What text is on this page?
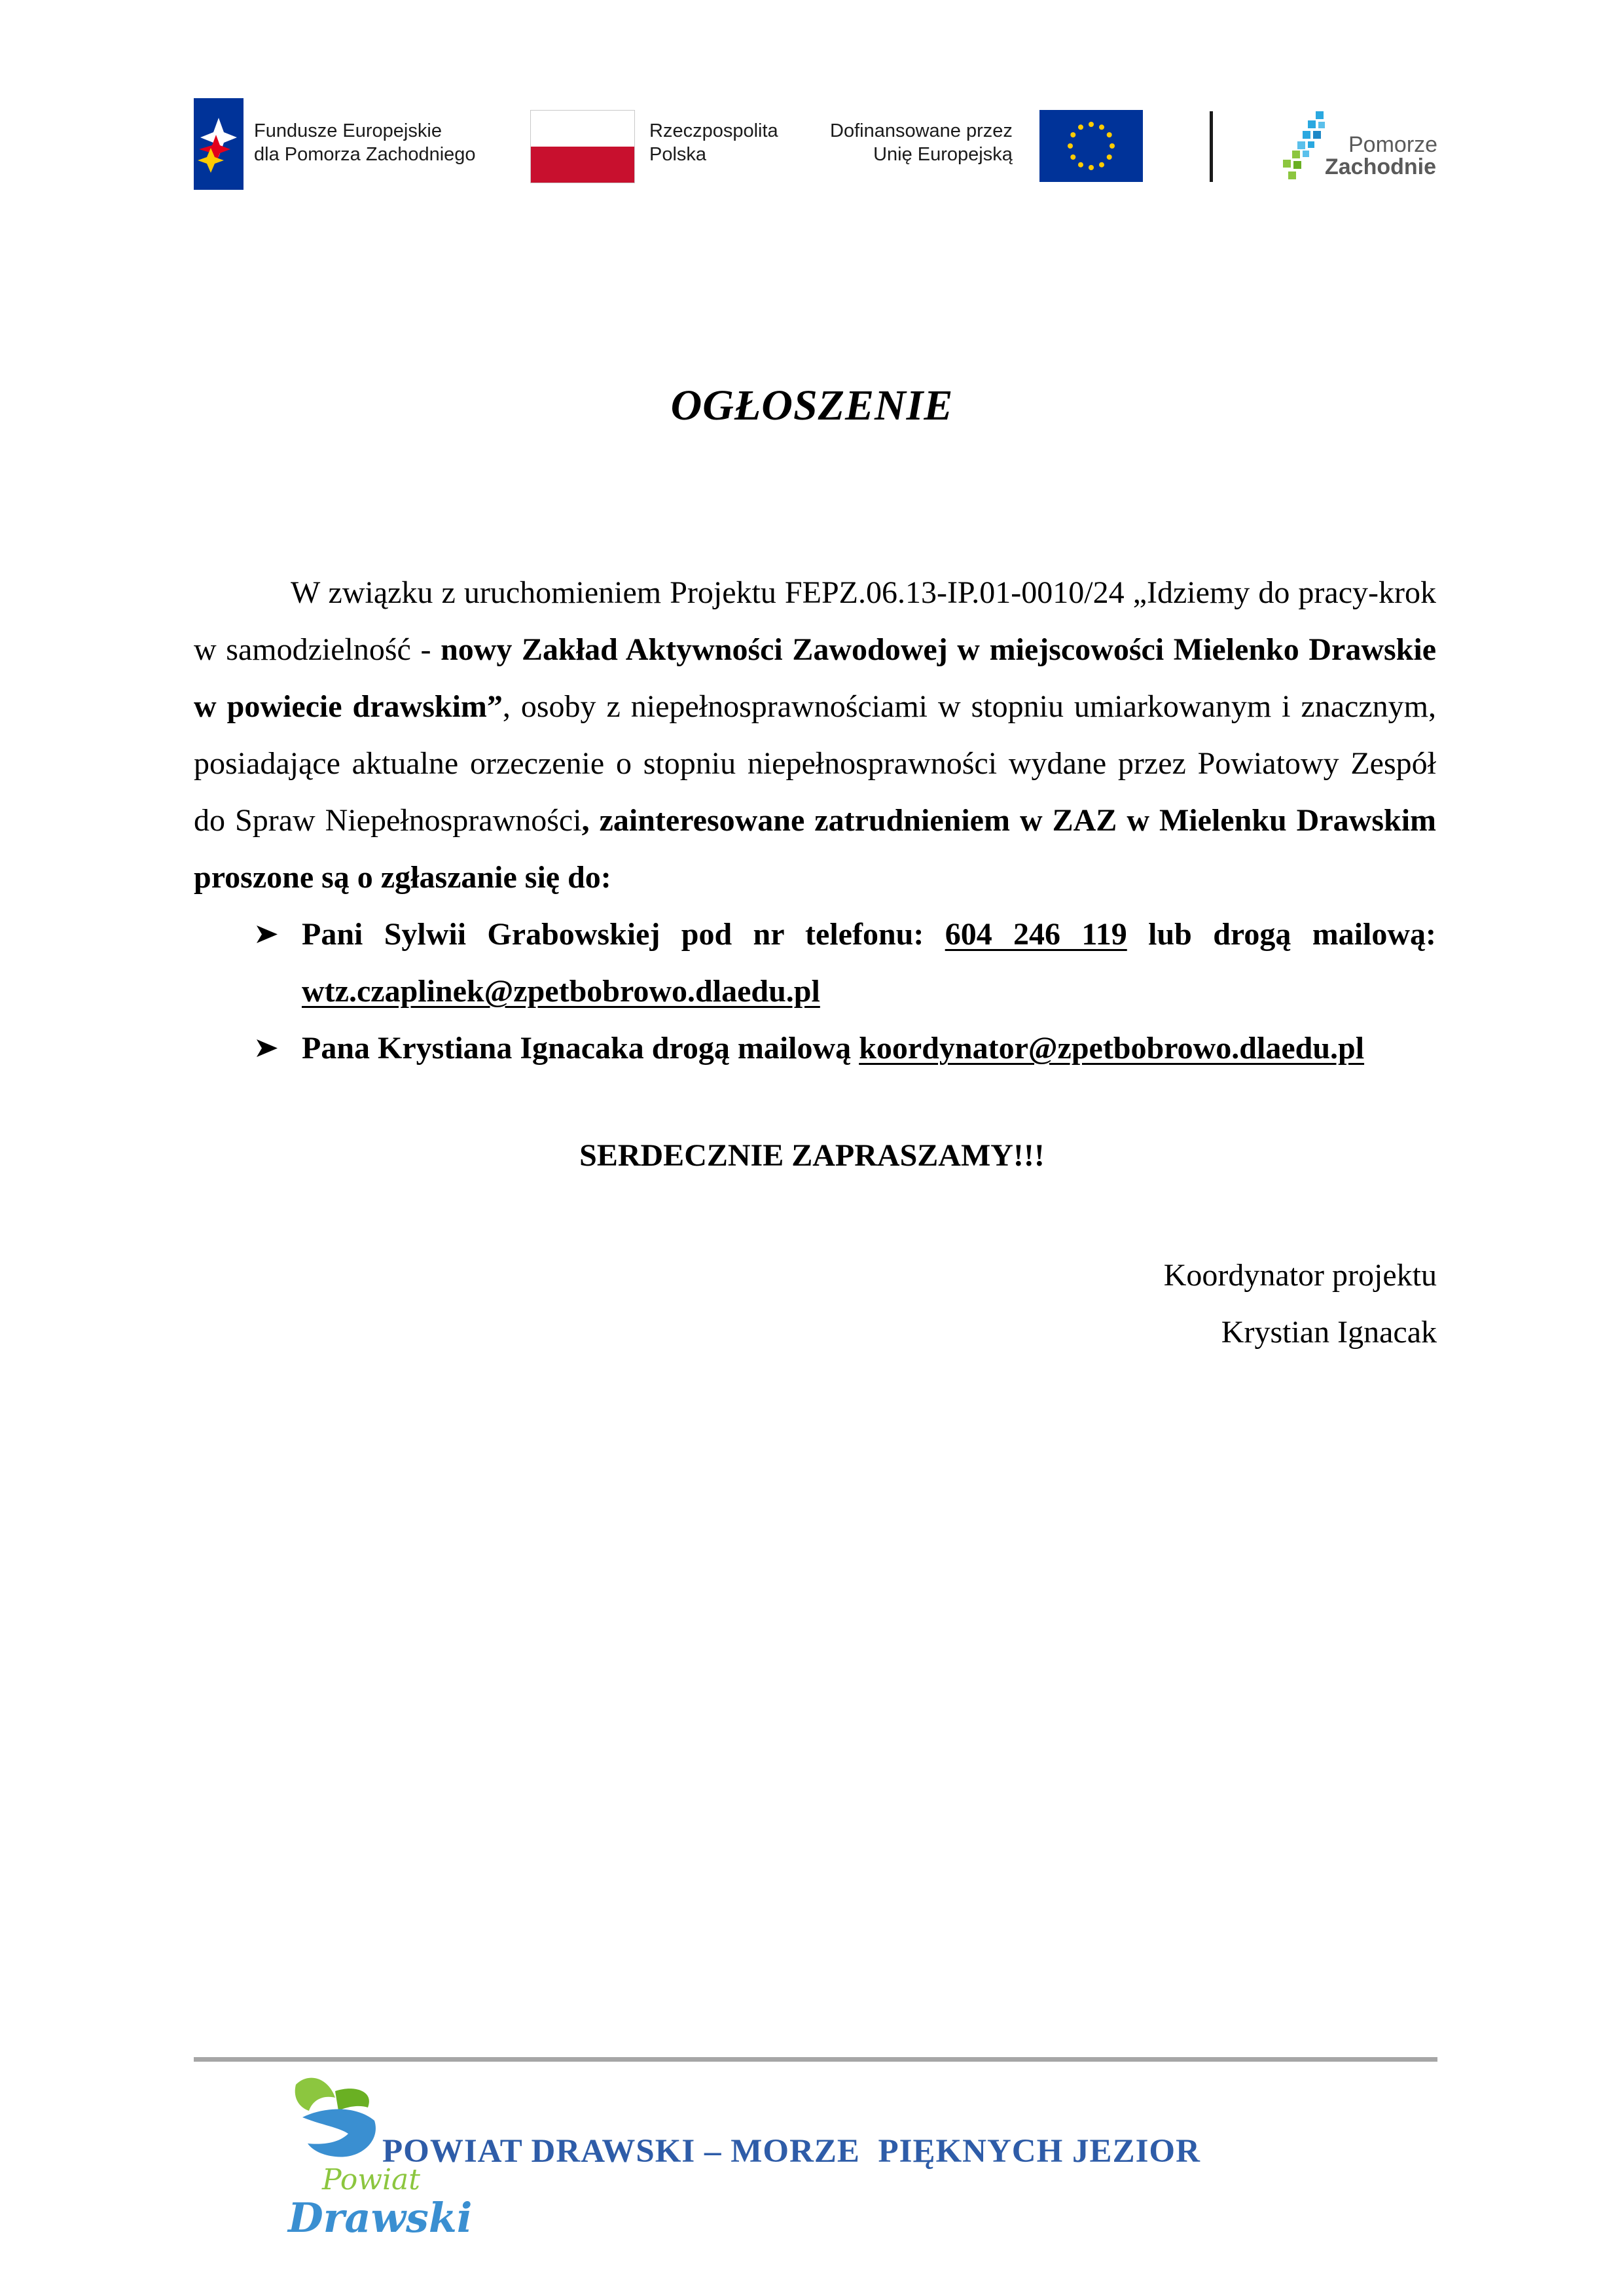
Fundusze Europejskie
dla Pomorza Zachodniego
Rzeczpospolita
Polska
Dofinansowane przez
Unię Europejską	Pomorze
Zachodnie
OGŁOSZENIE

W związku z uruchomieniem Projektu FEPZ.06.13-IP.01-0010/24 „Idziemy do pracy-krok w samodzielność - nowy Zakład Aktywności Zawodowej w miejscowości Mielenko Drawskie w powiecie drawskim”, osoby z niepełnosprawnościami w stopniu umiarkowanym i znacznym, posiadające aktualne orzeczenie o stopniu niepełnosprawności wydane przez Powiatowy Zespół do Spraw Niepełnosprawności, zainteresowane zatrudnieniem w ZAZ w Mielenku Drawskim proszone są o zgłaszanie się do:

Pani Sylwii Grabowskiej pod nr telefonu: 604 246 119 lub drogą mailową: wtz.czaplinek@zpetbobrowo.dlaedu.pl
Pana Krystiana Ignacaka drogą mailową koordynator@zpetbobrowo.dlaedu.pl
SERDECZNIE ZAPRASZAMY!!!
Koordynator projektu
Krystian Ignacak
Powiat
Drawski
POWIAT DRAWSKI – MORZE  PIĘKNYCH JEZIOR
